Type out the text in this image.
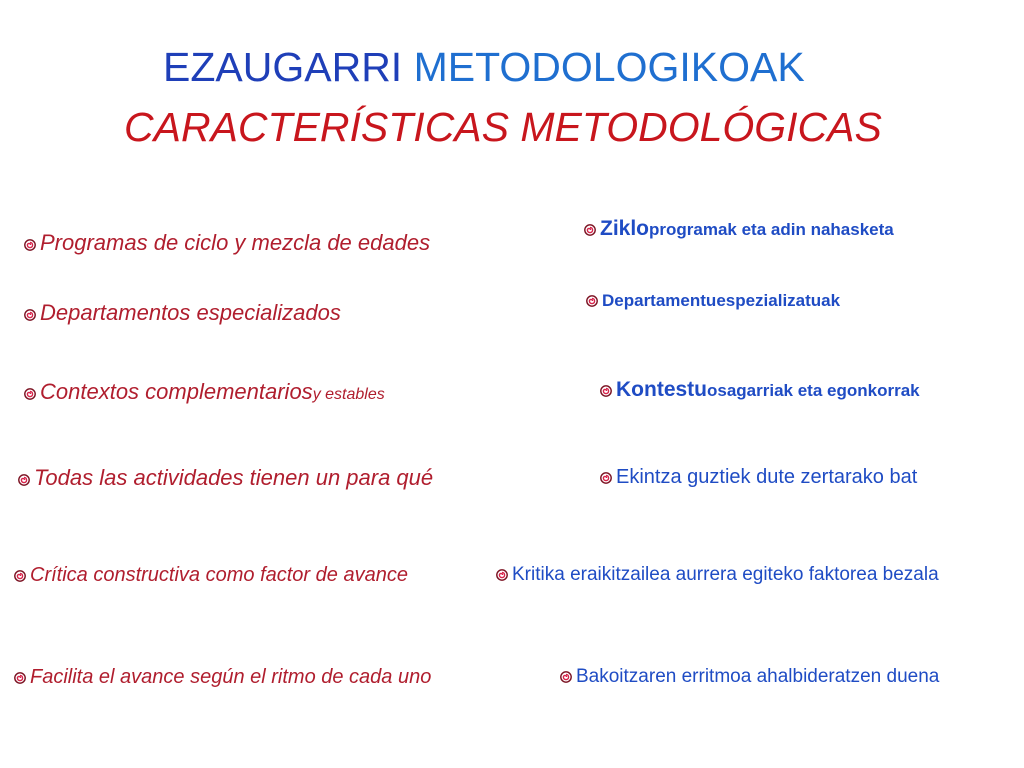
EZAUGARRI METODOLOGIKOAK
CARACTERÍSTICAS METODOLÓGICAS
Programas de ciclo y mezcla de edades
Departamentos especializados
Contextos complementarios y estables
Todas las actividades tienen un para qué
Crítica constructiva como factor de avance
Facilita el avance según el ritmo de cada uno
Ziklo programak eta adin nahasketa
Departamentu espezializatuak
Kontestu osagarriak eta egonkorrak
Ekintza guztiek dute zertarako bat
Kritika eraikitzailea aurrera egiteko faktorea bezala
Bakoitzaren erritmoa ahalbideratzen duena
